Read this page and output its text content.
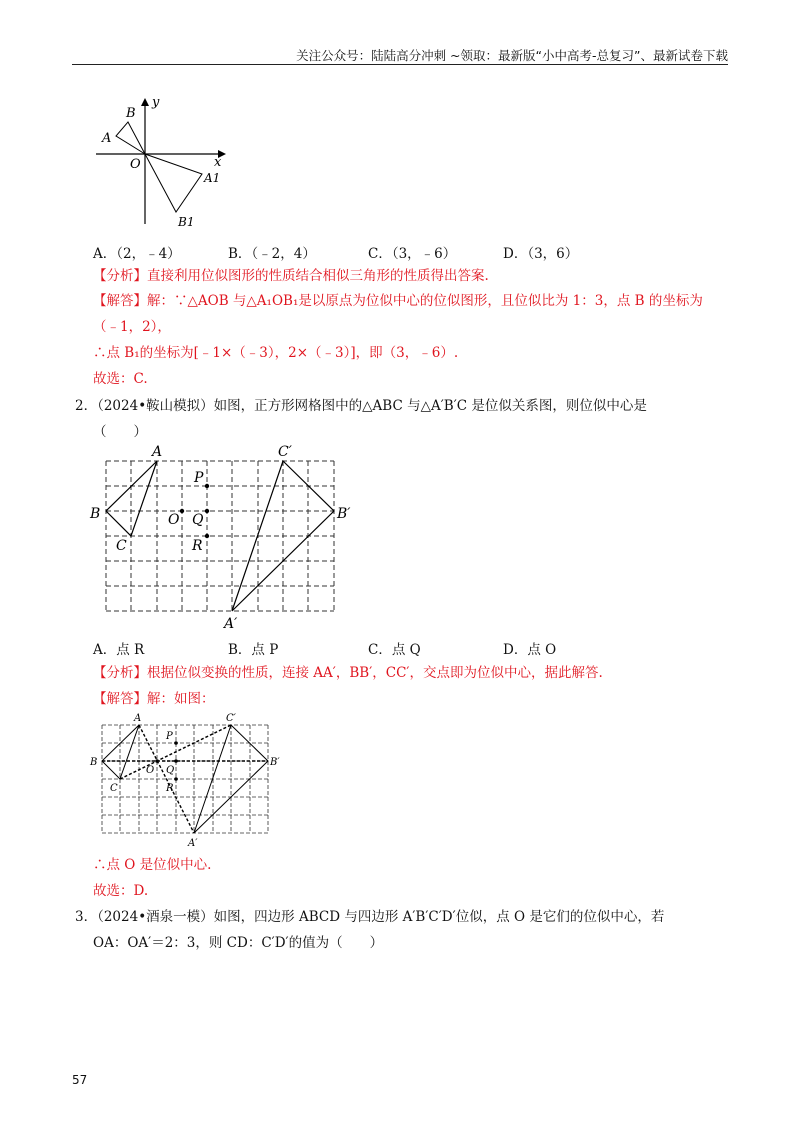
关注公众号：陆陆高分冲刺 ~领取：最新版“小中高考-总复习”、最新试卷下载
B
y
A
O	x
A1
B1
A．（2，﹣4）	B．（﹣2，4）	C．（3，﹣6）	D．（3，6）
【分析】直接利用位似图形的性质结合相似三角形的性质得出答案.
【解答】解：∵△AOB 与△A₁OB₁是以原点为位似中心的位似图形，且位似比为 1：3，点 B 的坐标为
（﹣1，2），
∴点 B₁的坐标为[﹣1×（﹣3），2×（﹣3）]，即（3，﹣6）.
故选：C.
2．（2024•鞍山模拟）如图，正方形网格图中的△ABC 与△A′B′C 是位似关系图，则位似中心是
（　　）
A	C′
P
B	O Q	B′
C	R
A′
A．点 R	B．点 P	C．点 Q	D．点 O
【分析】根据位似变换的性质，连接 AA′，BB′，CC′，交点即为位似中心，据此解答.
【解答】解：如图：
A	C′
P
B
O Q
B′
C	R
A′
∴点 O 是位似中心.
故选：D.
3．（2024•酒泉一模）如图，四边形 ABCD 与四边形 A′B′C′D′位似，点 O 是它们的位似中心，若
OA：OA′＝2：3，则 CD：C′D′的值为（　　）
57
